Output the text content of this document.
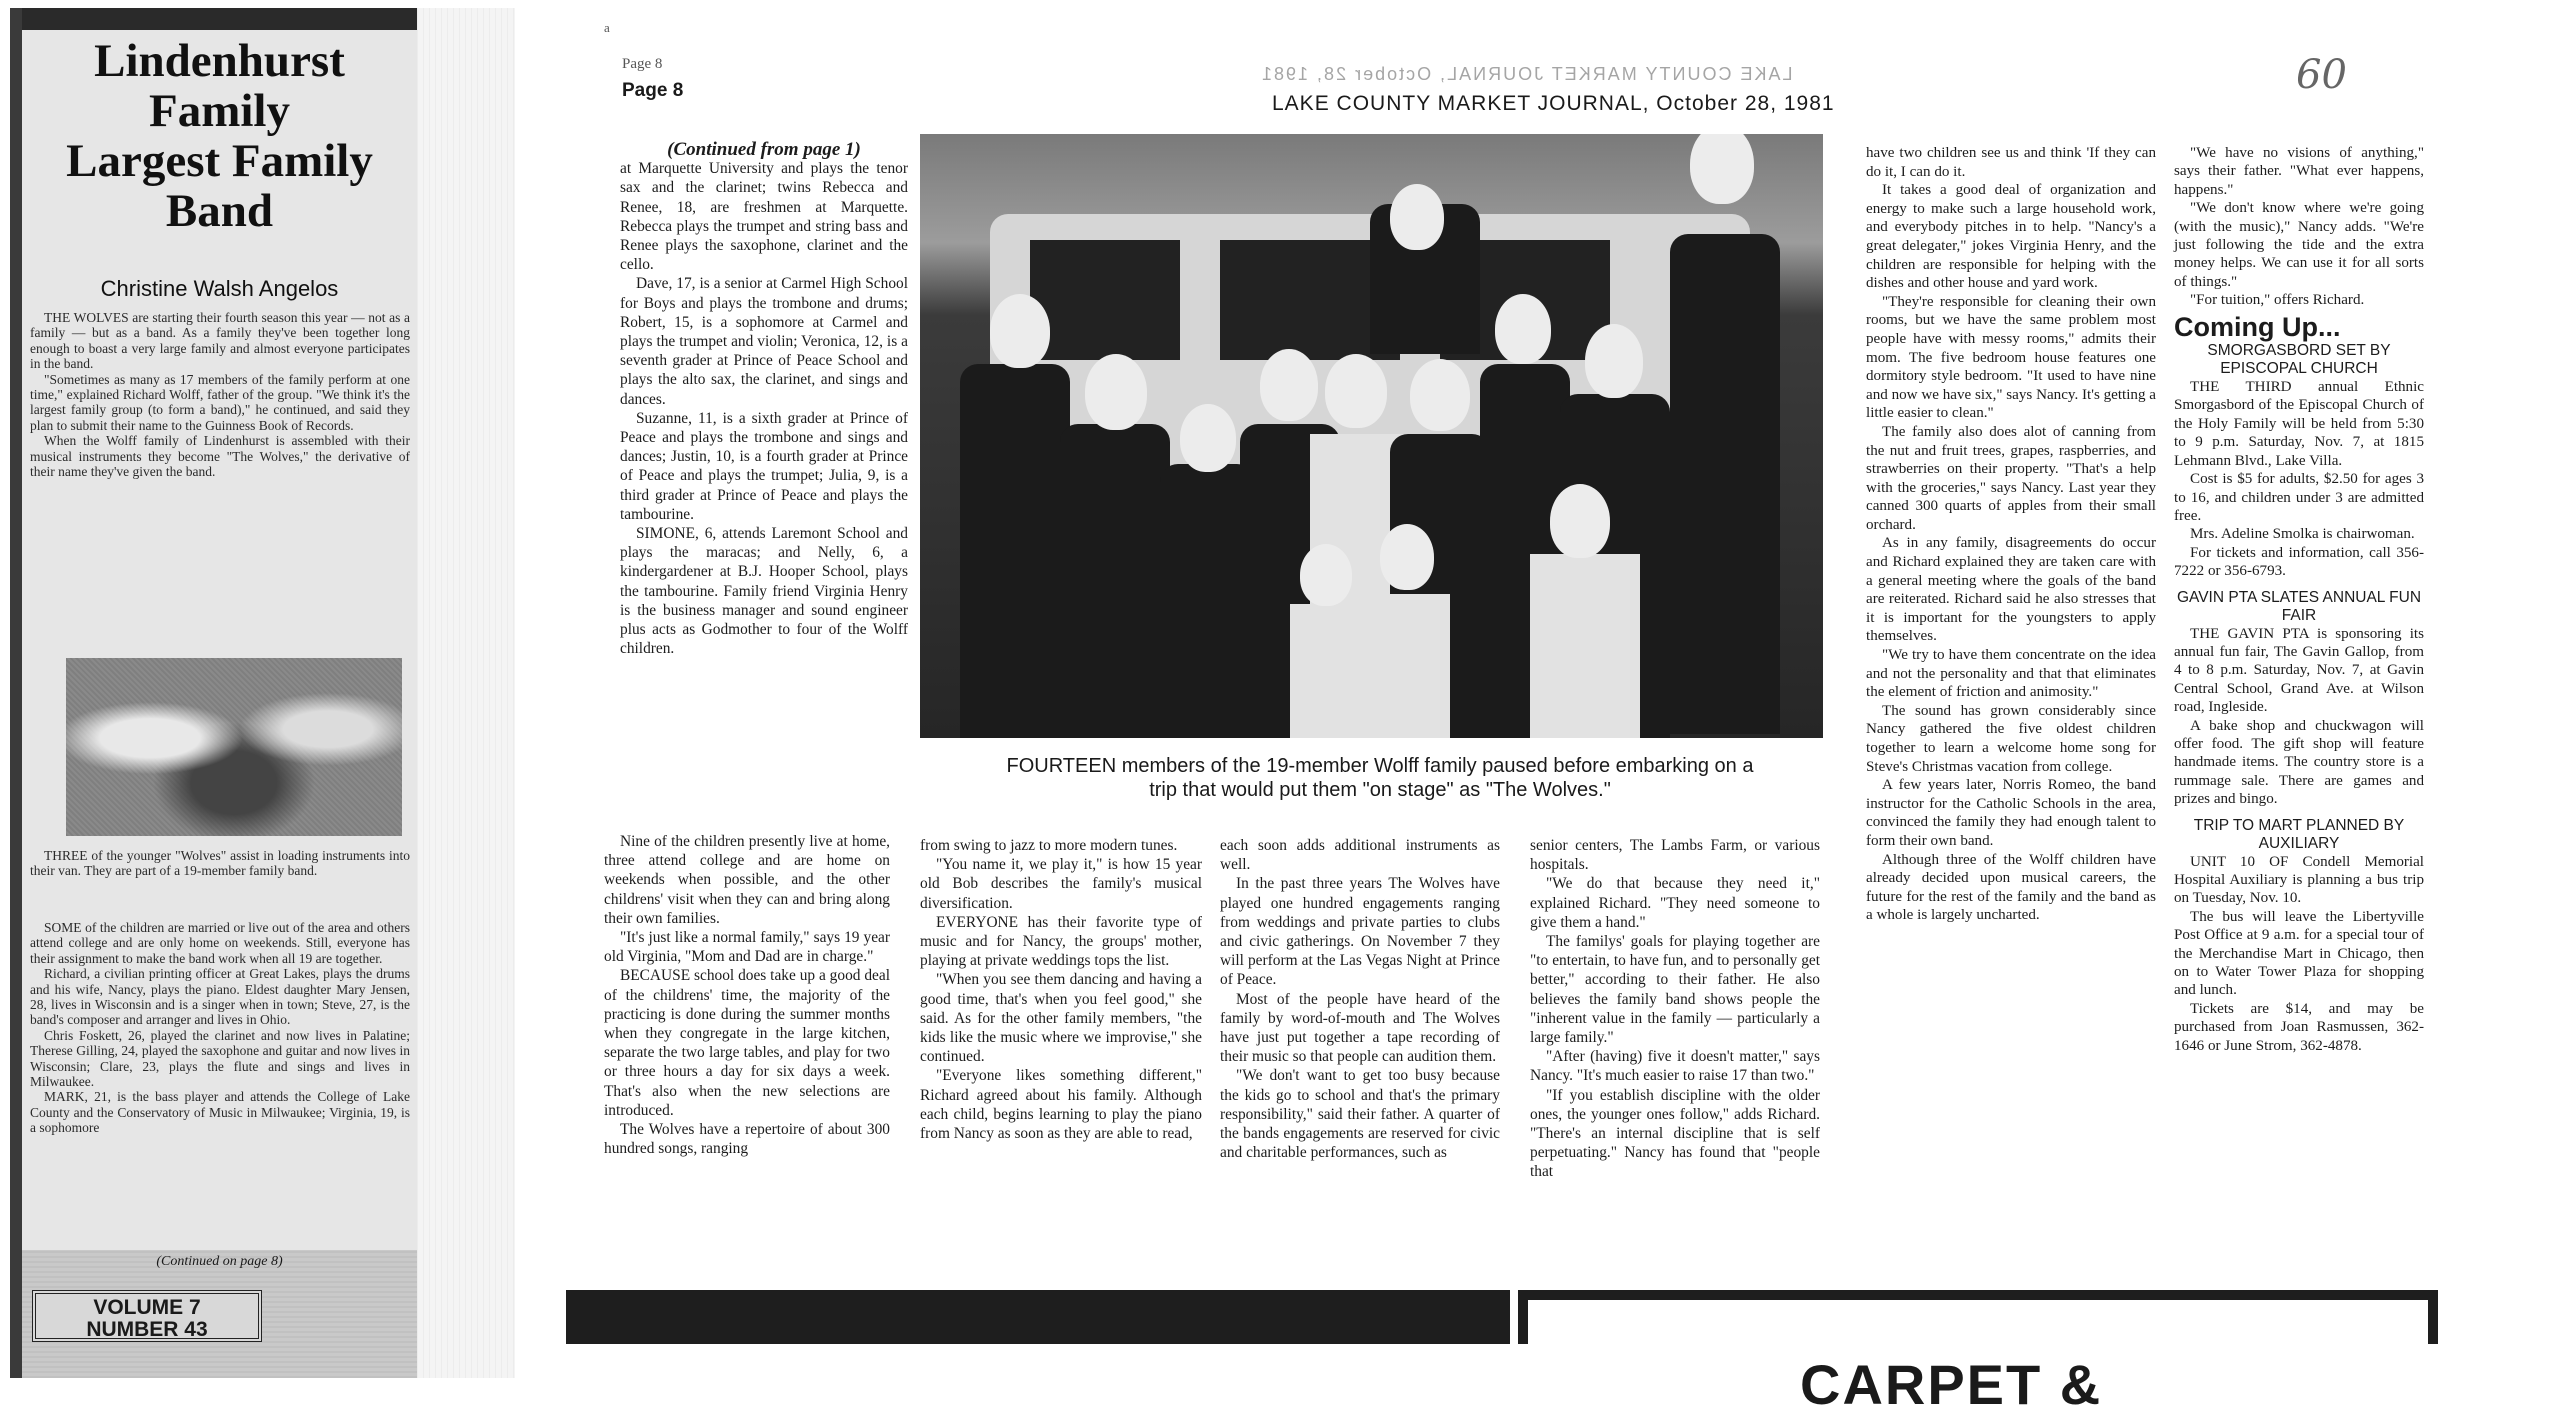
Lindenhurst
Family
Largest Family
Band
Christine Walsh Angelos

THE WOLVES are starting their fourth season this year — not as a family — but as a band. As a family they've been together long enough to boast a very large family and almost everyone participates in the band.

"Sometimes as many as 17 members of the family perform at one time," explained Richard Wolff, father of the group. "We think it's the largest family group (to form a band)," he continued, and said they plan to submit their name to the Guinness Book of Records.

When the Wolff family of Lindenhurst is assembled with their musical instruments they become "The Wolves," the derivative of their name they've given the band.

THREE of the younger "Wolves" assist in loading instruments into their van. They are part of a 19-member family band.

SOME of the children are married or live out of the area and others attend college and are only home on weekends. Still, everyone has their assignment to make the band work when all 19 are together.

Richard, a civilian printing officer at Great Lakes, plays the drums and his wife, Nancy, plays the piano. Eldest daughter Mary Jensen, 28, lives in Wisconsin and is a singer when in town; Steve, 27, is the band's composer and arranger and lives in Ohio.

Chris Foskett, 26, played the clarinet and now lives in Palatine; Therese Gilling, 24, played the saxophone and guitar and now lives in Wisconsin; Clare, 23, plays the flute and sings and lives in Milwaukee.

MARK, 21, is the bass player and attends the College of Lake County and the Conservatory of Music in Milwaukee; Virginia, 19, is a sophomore

(Continued on page 8)
VOLUME 7
NUMBER 43
a
Page 8
Page 8
LAKE COUNTY MARKET JOURNAL, October 28, 1981
LAKE COUNTY MARKET JOURNAL, October 28, 1981
60

(Continued from page 1)

at Marquette University and plays the tenor sax and the clarinet; twins Rebecca and Renee, 18, are freshmen at Marquette. Rebecca plays the trumpet and string bass and Renee plays the saxophone, clarinet and the cello.

Dave, 17, is a senior at Carmel High School for Boys and plays the trombone and drums; Robert, 15, is a sophomore at Carmel and plays the trumpet and violin; Veronica, 12, is a seventh grader at Prince of Peace School and plays the alto sax, the clarinet, and sings and dances.

Suzanne, 11, is a sixth grader at Prince of Peace and plays the trombone and sings and dances; Justin, 10, is a fourth grader at Prince of Peace and plays the trumpet; Julia, 9, is a third grader at Prince of Peace and plays the tambourine.

SIMONE, 6, attends Laremont School and plays the maracas; and Nelly, 6, a kindergardener at B.J. Hooper School, plays the tambourine. Family friend Virginia Henry is the business manager and sound engineer plus acts as Godmother to four of the Wolff children.

FOURTEEN members of the 19-member Wolff family paused before embarking on a trip that would put them "on stage" as "The Wolves."

Nine of the children presently live at home, three attend college and are home on weekends when possible, and the other childrens' visit when they can and bring along their own families.

"It's just like a normal family," says 19 year old Virginia, "Mom and Dad are in charge."

BECAUSE school does take up a good deal of the childrens' time, the majority of the practicing is done during the summer months when they congregate in the large kitchen, separate the two large tables, and play for two or three hours a day for six days a week. That's also when the new selections are introduced.

The Wolves have a repertoire of about 300 hundred songs, ranging

from swing to jazz to more modern tunes.

"You name it, we play it," is how 15 year old Bob describes the family's musical diversification.

EVERYONE has their favorite type of music and for Nancy, the groups' mother, playing at private weddings tops the list.

"When you see them dancing and having a good time, that's when you feel good," she said. As for the other family members, "the kids like the music where we improvise," she continued.

"Everyone likes something different," Richard agreed about his family. Although each child, begins learning to play the piano from Nancy as soon as they are able to read,

each soon adds additional instruments as well.

In the past three years The Wolves have played one hundred engagements ranging from weddings and private parties to clubs and civic gatherings. On November 7 they will perform at the Las Vegas Night at Prince of Peace.

Most of the people have heard of the family by word-of-mouth and The Wolves have just put together a tape recording of their music so that people can audition them.

"We don't want to get too busy because the kids go to school and that's the primary responsibility," said their father. A quarter of the bands engagements are reserved for civic and charitable performances, such as

senior centers, The Lambs Farm, or various hospitals.

"We do that because they need it," explained Richard. "They need someone to give them a hand."

The familys' goals for playing together are "to entertain, to have fun, and to personally get better," according to their father. He also believes the family band shows people the "inherent value in the family — particularly a large family."

"After (having) five it doesn't matter," says Nancy. "It's much easier to raise 17 than two."

"If you establish discipline with the older ones, the younger ones follow," adds Richard. "There's an internal discipline that is self perpetuating." Nancy has found that "people that

have two children see us and think 'If they can do it, I can do it.

It takes a good deal of organization and energy to make such a large household work, and everybody pitches in to help. "Nancy's a great delegater," jokes Virginia Henry, and the children are responsible for helping with the dishes and other house and yard work.

"They're responsible for cleaning their own rooms, but we have the same problem most people have with messy rooms," admits their mom. The five bedroom house features one dormitory style bedroom. "It used to have nine and now we have six," says Nancy. It's getting a little easier to clean."

The family also does alot of canning from the nut and fruit trees, grapes, raspberries, and strawberries on their property. "That's a help with the groceries," says Nancy. Last year they canned 300 quarts of apples from their small orchard.

As in any family, disagreements do occur and Richard explained they are taken care with a general meeting where the goals of the band are reiterated. Richard said he also stresses that it is important for the youngsters to apply themselves.

"We try to have them concentrate on the idea and not the personality and that that eliminates the element of friction and animosity."

The sound has grown considerably since Nancy gathered the five oldest children together to learn a welcome home song for Steve's Christmas vacation from college.

A few years later, Norris Romeo, the band instructor for the Catholic Schools in the area, convinced the family they had enough talent to form their own band.

Although three of the Wolff children have already decided upon musical careers, the future for the rest of the family and the band as a whole is largely uncharted.

"We have no visions of anything," says their father. "What ever happens, happens."

"We don't know where we're going (with the music)," Nancy adds. "We're just following the tide and the extra money helps. We can use it for all sorts of things."

"For tuition," offers Richard.

Coming Up...
SMORGASBORD SET BY EPISCOPAL CHURCH

THE THIRD annual Ethnic Smorgasbord of the Episcopal Church of the Holy Family will be held from 5:30 to 9 p.m. Saturday, Nov. 7, at 1815 Lehmann Blvd., Lake Villa.

Cost is $5 for adults, $2.50 for ages 3 to 16, and children under 3 are admitted free.

Mrs. Adeline Smolka is chairwoman.

For tickets and information, call 356-7222 or 356-6793.

GAVIN PTA SLATES ANNUAL FUN FAIR

THE GAVIN PTA is sponsoring its annual fun fair, The Gavin Gallop, from 4 to 8 p.m. Saturday, Nov. 7, at Gavin Central School, Grand Ave. at Wilson road, Ingleside.

A bake shop and chuckwagon will offer food. The gift shop will feature handmade items. The country store is a rummage sale. There are games and prizes and bingo.

TRIP TO MART PLANNED BY AUXILIARY

UNIT 10 OF Condell Memorial Hospital Auxiliary is planning a bus trip on Tuesday, Nov. 10.

The bus will leave the Libertyville Post Office at 9 a.m. for a special tour of the Merchandise Mart in Chicago, then on to Water Tower Plaza for shopping and lunch.

Tickets are $14, and may be purchased from Joan Rasmussen, 362-1646 or June Strom, 362-4878.

CARPET &
